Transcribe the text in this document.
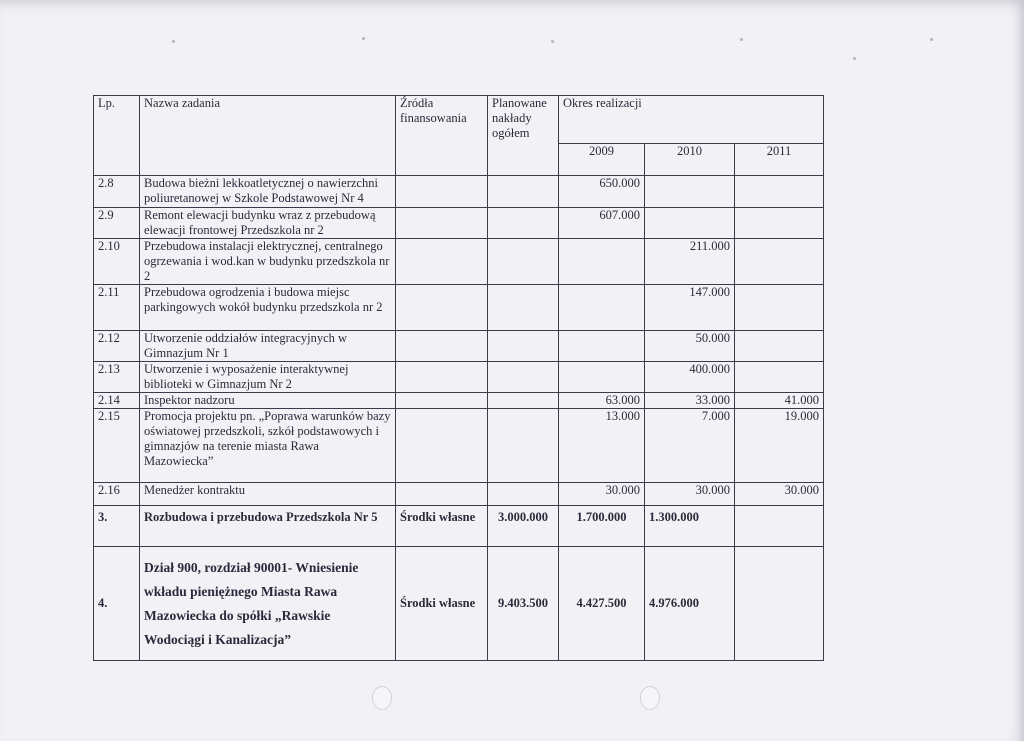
Lp.	Nazwa zadania	Źródła finansowania	Planowane nakłady ogółem	Okres realizacji		
				2009	2010	2011
2.8	Budowa bieżni lekkoatletycznej o nawierzchni poliuretanowej w Szkole Podstawowej Nr 4			650.000		
2.9	Remont elewacji budynku wraz z przebudową elewacji frontowej Przedszkola nr 2			607.000		
2.10	Przebudowa instalacji elektrycznej, centralnego ogrzewania i wod.kan w budynku przedszkola nr 2				211.000	
2.11	Przebudowa ogrodzenia i budowa miejsc parkingowych wokół budynku przedszkola nr 2				147.000	
2.12	Utworzenie oddziałów integracyjnych w Gimnazjum Nr 1				50.000	
2.13	Utworzenie i wyposażenie interaktywnej biblioteki w Gimnazjum Nr 2				400.000	
2.14	Inspektor nadzoru			63.000	33.000	41.000
2.15	Promocja projektu pn. „Poprawa warunków bazy oświatowej przedszkoli, szkół podstawowych i gimnazjów na terenie miasta Rawa Mazowiecka”			13.000	7.000	19.000
2.16	Menedżer kontraktu			30.000	30.000	30.000
3.	Rozbudowa i przebudowa Przedszkola Nr 5	Środki własne	3.000.000	1.700.000	1.300.000	
4.	Dział 900, rozdział 90001- Wniesienie wkładu pieniężnego Miasta Rawa Mazowiecka do spółki „Rawskie Wodociągi i Kanalizacja”	Środki własne	9.403.500	4.427.500	4.976.000	
